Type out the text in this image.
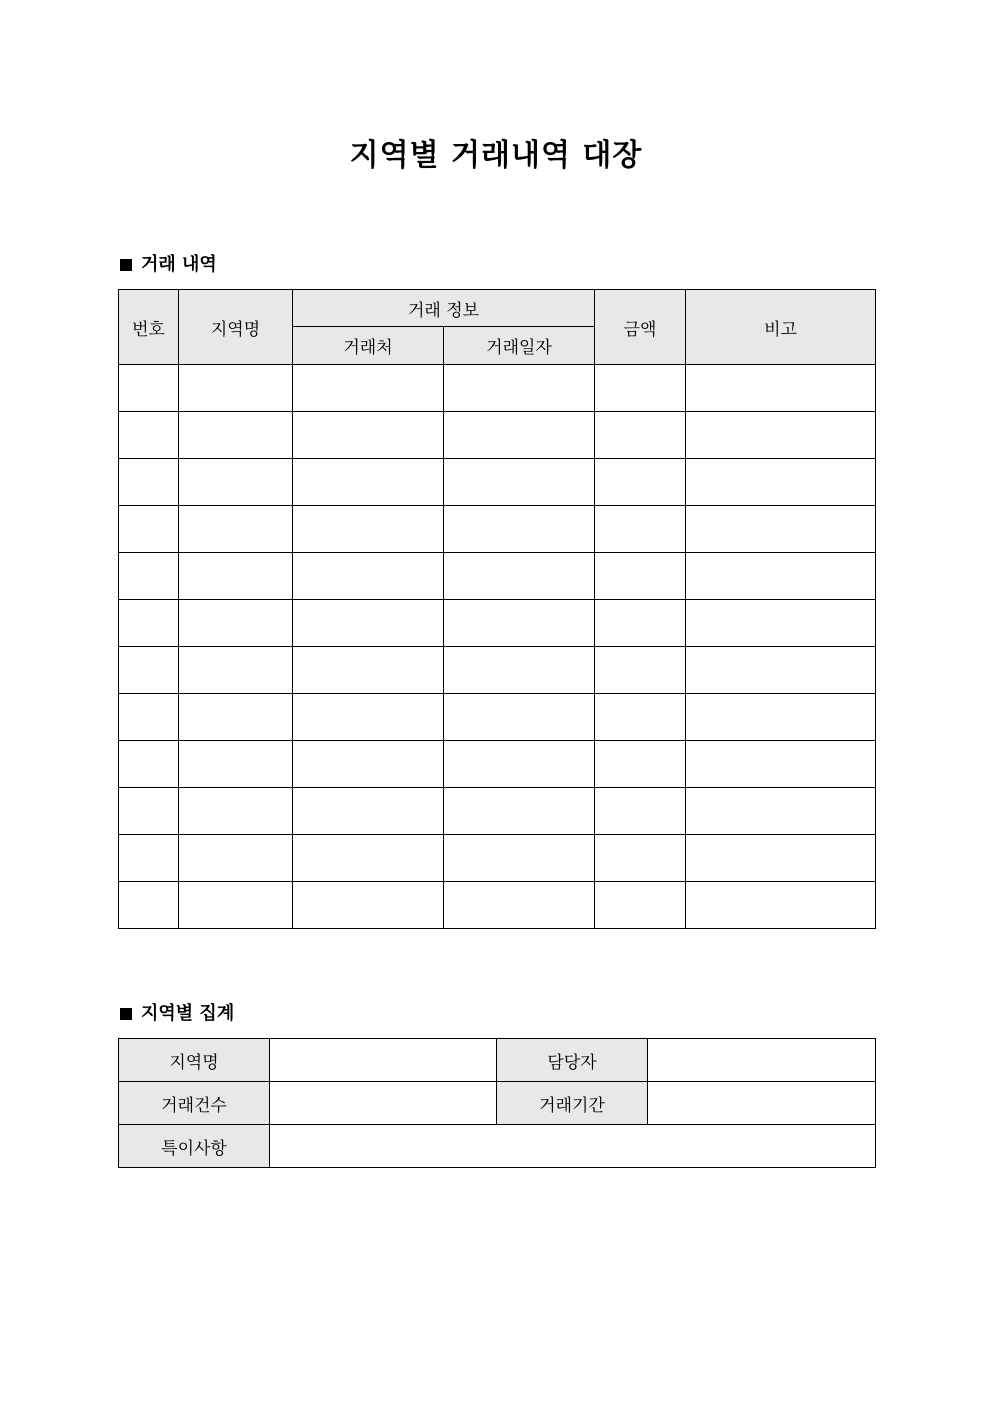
지역별 거래내역 대장
거래 내역
번호	지역명	거래 정보		금액	비고
		거래처	거래일자		

지역별 집계
지역명		담당자	
거래건수		거래기간	
특이사항			
